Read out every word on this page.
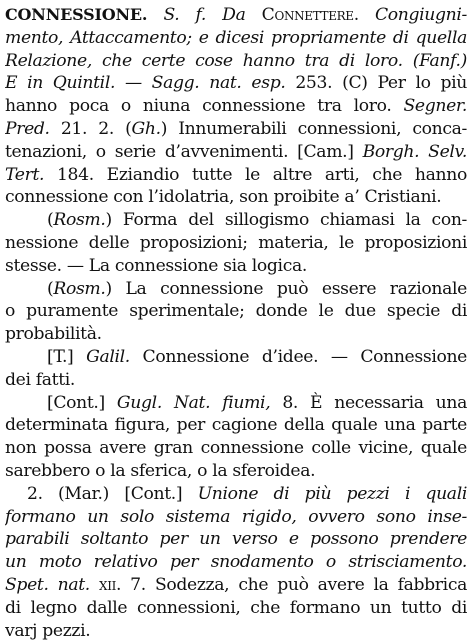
CONNESSIONE. S. f. Da Connettere. Congiugni-
mento, Attaccamento; e dicesi propriamente di quella
Relazione, che certe cose hanno tra di loro. (Fanf.)
E in Quintil. — Sagg. nat. esp. 253. (C) Per lo più
hanno poca o niuna connessione tra loro. Segner.
Pred. 21. 2. (Gh.) Innumerabili connessioni, conca-
tenazioni, o serie d’avvenimenti. [Cam.] Borgh. Selv.
Tert. 184. Eziandio tutte le altre arti, che hanno
connessione con l’idolatria, son proibite a’ Cristiani.
(Rosm.) Forma del sillogismo chiamasi la con-
nessione delle proposizioni; materia, le proposizioni
stesse. — La connessione sia logica.
(Rosm.) La connessione può essere razionale
o puramente sperimentale; donde le due specie di
probabilità.
[T.] Galil. Connessione d’idee. — Connessione
dei fatti.
[Cont.] Gugl. Nat. fiumi, 8. È necessaria una
determinata figura, per cagione della quale una parte
non possa avere gran connessione colle vicine, quale
sarebbero o la sferica, o la sferoidea.
2. (Mar.) [Cont.] Unione di più pezzi i quali
formano un solo sistema rigido, ovvero sono inse-
parabili soltanto per un verso e possono prendere
un moto relativo per snodamento o strisciamento.
Spet. nat. xii. 7. Sodezza, che può avere la fabbrica
di legno dalle connessioni, che formano un tutto di
varj pezzi.
